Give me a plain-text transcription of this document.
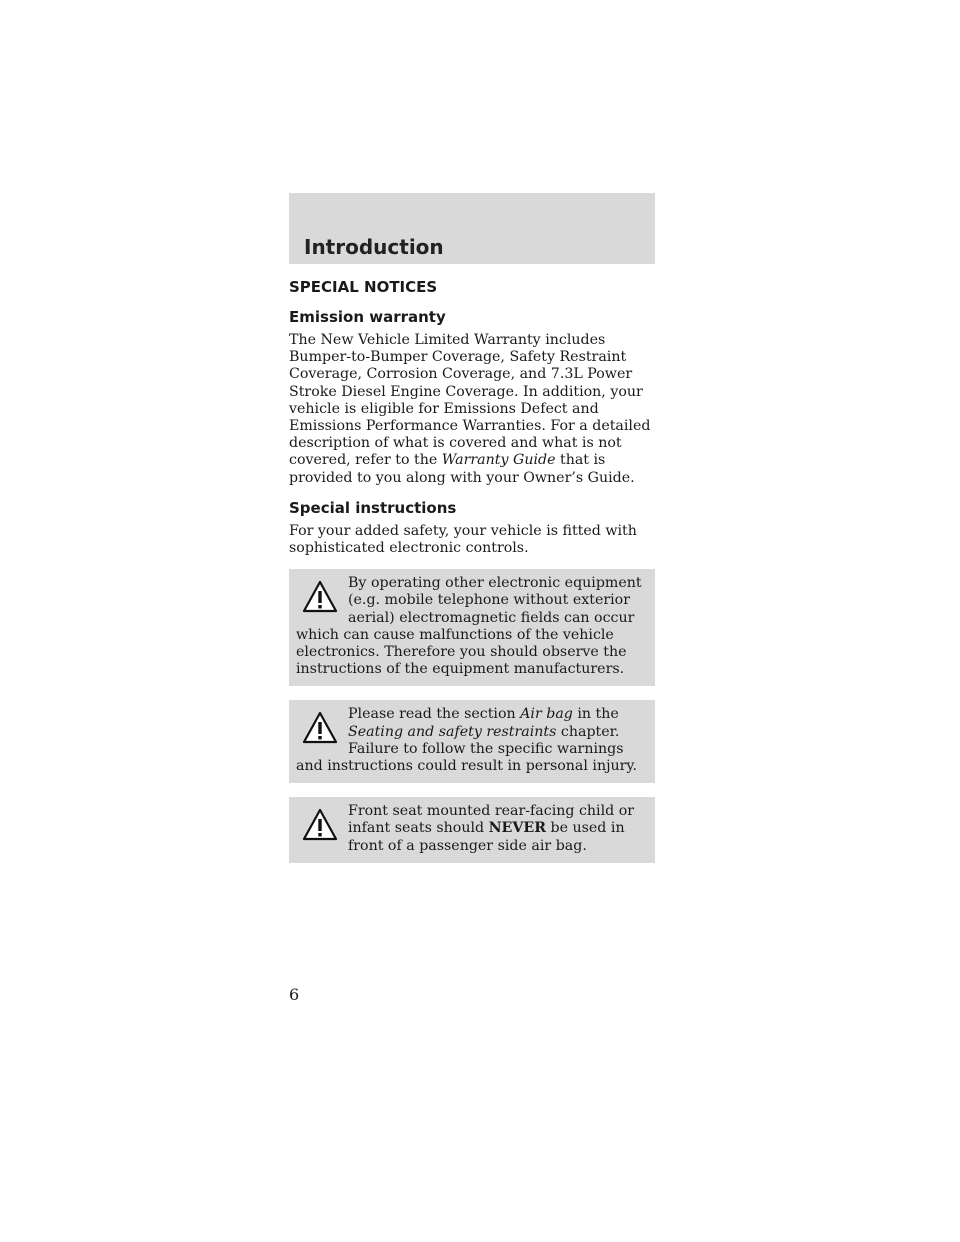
Introduction
SPECIAL NOTICES
Emission warranty

The New Vehicle Limited Warranty includes Bumper-to-Bumper Coverage, Safety Restraint Coverage, Corrosion Coverage, and 7.3L Power Stroke Diesel Engine Coverage. In addition, your vehicle is eligible for Emissions Defect and Emissions Performance Warranties. For a detailed description of what is covered and what is not covered, refer to the Warranty Guide that is provided to you along with your Owner’s Guide.

Special instructions

For your added safety, your vehicle is fitted with sophisticated electronic controls.

By operating other electronic equipment (e.g. mobile telephone without exterior aerial) electromagnetic fields can occur which can cause malfunctions of the vehicle electronics. Therefore you should observe the instructions of the equipment manufacturers.

Please read the section Air bag in the Seating and safety restraints chapter. Failure to follow the specific warnings and instructions could result in personal injury.

Front seat mounted rear-facing child or infant seats should NEVER be used in front of a passenger side air bag.

6
